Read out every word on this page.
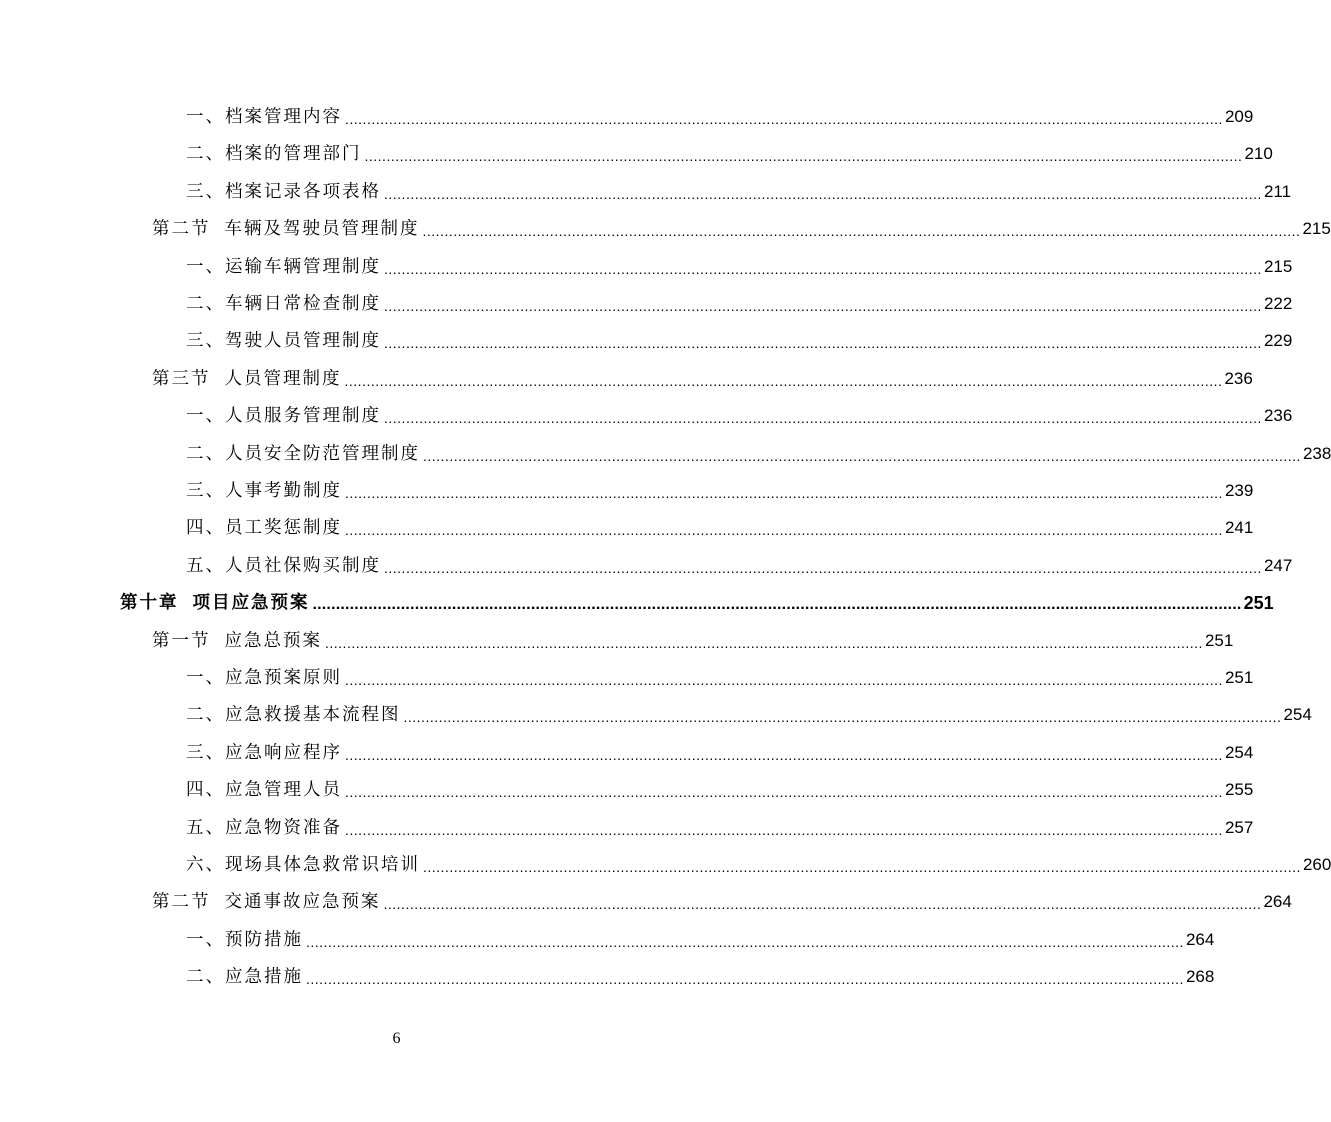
一、档案管理内容 ........................................................................................................................................................................................................ 209
二、档案的管理部门 ........................................................................................................................................................................................................ 210
三、档案记录各项表格 ........................................................................................................................................................................................................ 211
第二节 车辆及驾驶员管理制度 ........................................................................................................................................................................................................ 215
一、运输车辆管理制度 ........................................................................................................................................................................................................ 215
二、车辆日常检查制度 ........................................................................................................................................................................................................ 222
三、驾驶人员管理制度 ........................................................................................................................................................................................................ 229
第三节 人员管理制度 ........................................................................................................................................................................................................ 236
一、人员服务管理制度 ........................................................................................................................................................................................................ 236
二、人员安全防范管理制度 ........................................................................................................................................................................................................ 238
三、人事考勤制度 ........................................................................................................................................................................................................ 239
四、员工奖惩制度 ........................................................................................................................................................................................................ 241
五、人员社保购买制度 ........................................................................................................................................................................................................ 247
第十章 项目应急预案 ........................................................................................................................................................................................................ 251
第一节 应急总预案 ........................................................................................................................................................................................................ 251
一、应急预案原则 ........................................................................................................................................................................................................ 251
二、应急救援基本流程图 ........................................................................................................................................................................................................ 254
三、应急响应程序 ........................................................................................................................................................................................................ 254
四、应急管理人员 ........................................................................................................................................................................................................ 255
五、应急物资准备 ........................................................................................................................................................................................................ 257
六、现场具体急救常识培训 ........................................................................................................................................................................................................ 260
第二节 交通事故应急预案 ........................................................................................................................................................................................................ 264
一、预防措施 ........................................................................................................................................................................................................ 264
二、应急措施 ........................................................................................................................................................................................................ 268
6
